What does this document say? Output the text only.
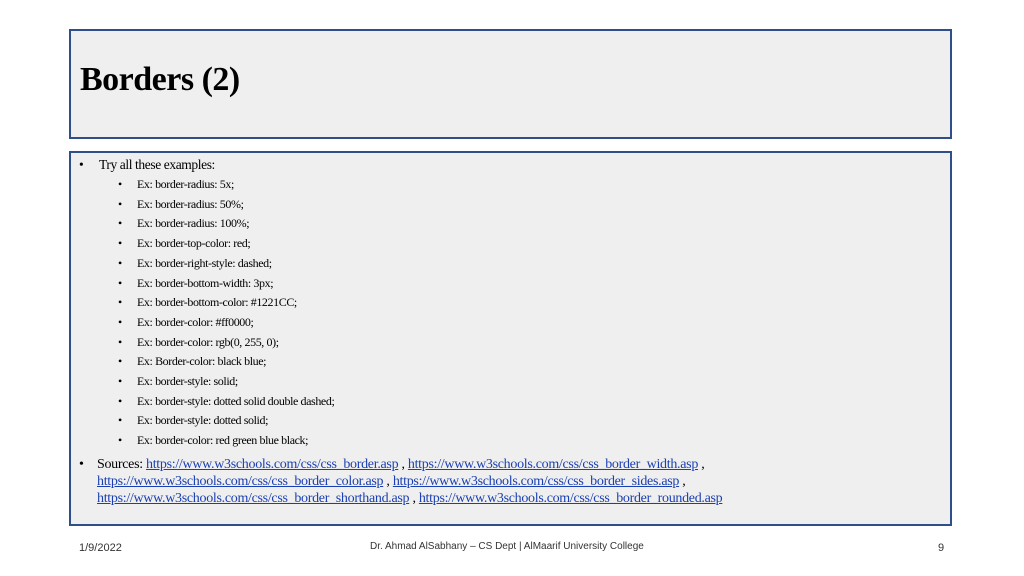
Borders (2)
• Try all these examples:
• Ex: border-radius: 5x;
• Ex: border-radius: 50%;
• Ex: border-radius: 100%;
• Ex: border-top-color: red;
• Ex: border-right-style: dashed;
• Ex: border-bottom-width: 3px;
• Ex: border-bottom-color: #1221CC;
• Ex: border-color: #ff0000;
• Ex: border-color: rgb(0, 255, 0);
• Ex: Border-color: black blue;
• Ex: border-style: solid;
• Ex: border-style: dotted solid double dashed;
• Ex: border-style: dotted solid;
• Ex: border-color: red green blue black;
• Sources: https://www.w3schools.com/css/css_border.asp , https://www.w3schools.com/css/css_border_width.asp , https://www.w3schools.com/css/css_border_color.asp , https://www.w3schools.com/css/css_border_sides.asp , https://www.w3schools.com/css/css_border_shorthand.asp , https://www.w3schools.com/css/css_border_rounded.asp
1/9/2022	Dr. Ahmad AlSabhany – CS Dept | AlMaarif University College	9
